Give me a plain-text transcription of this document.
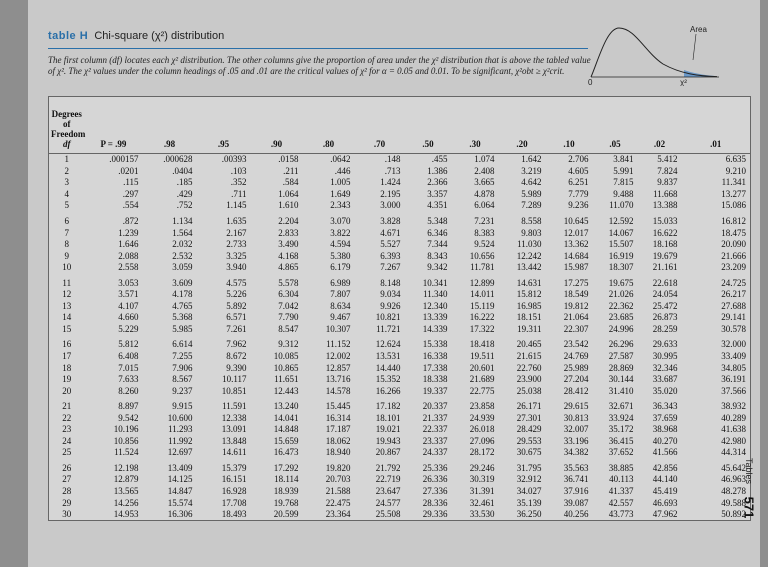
table H Chi-square (χ²) distribution
The first column (df) locates each χ² distribution. The other columns give the proportion of area under the χ² distribution that is above the tabled value of χ². The χ² values under the column headings of .05 and .01 are the critical values of χ² for α = 0.05 and 0.01. To be significant, χ²obt ≥ χ²crit.
Area
0	χ²
Degrees
of
Freedom
df	P = .99	.98	.95	.90	.80	.70	.50	.30	.20	.10	.05	.02	.01
1	.000157	.000628	.00393	.0158	.0642	.148	.455	1.074	1.642	2.706	3.841	5.412	6.635
2	.0201	.0404	.103	.211	.446	.713	1.386	2.408	3.219	4.605	5.991	7.824	9.210
3	.115	.185	.352	.584	1.005	1.424	2.366	3.665	4.642	6.251	7.815	9.837	11.341
4	.297	.429	.711	1.064	1.649	2.195	3.357	4.878	5.989	7.779	9.488	11.668	13.277
5	.554	.752	1.145	1.610	2.343	3.000	4.351	6.064	7.289	9.236	11.070	13.388	15.086
6	.872	1.134	1.635	2.204	3.070	3.828	5.348	7.231	8.558	10.645	12.592	15.033	16.812
7	1.239	1.564	2.167	2.833	3.822	4.671	6.346	8.383	9.803	12.017	14.067	16.622	18.475
8	1.646	2.032	2.733	3.490	4.594	5.527	7.344	9.524	11.030	13.362	15.507	18.168	20.090
9	2.088	2.532	3.325	4.168	5.380	6.393	8.343	10.656	12.242	14.684	16.919	19.679	21.666
10	2.558	3.059	3.940	4.865	6.179	7.267	9.342	11.781	13.442	15.987	18.307	21.161	23.209
11	3.053	3.609	4.575	5.578	6.989	8.148	10.341	12.899	14.631	17.275	19.675	22.618	24.725
12	3.571	4.178	5.226	6.304	7.807	9.034	11.340	14.011	15.812	18.549	21.026	24.054	26.217
13	4.107	4.765	5.892	7.042	8.634	9.926	12.340	15.119	16.985	19.812	22.362	25.472	27.688
14	4.660	5.368	6.571	7.790	9.467	10.821	13.339	16.222	18.151	21.064	23.685	26.873	29.141
15	5.229	5.985	7.261	8.547	10.307	11.721	14.339	17.322	19.311	22.307	24.996	28.259	30.578
16	5.812	6.614	7.962	9.312	11.152	12.624	15.338	18.418	20.465	23.542	26.296	29.633	32.000
17	6.408	7.255	8.672	10.085	12.002	13.531	16.338	19.511	21.615	24.769	27.587	30.995	33.409
18	7.015	7.906	9.390	10.865	12.857	14.440	17.338	20.601	22.760	25.989	28.869	32.346	34.805
19	7.633	8.567	10.117	11.651	13.716	15.352	18.338	21.689	23.900	27.204	30.144	33.687	36.191
20	8.260	9.237	10.851	12.443	14.578	16.266	19.337	22.775	25.038	28.412	31.410	35.020	37.566
21	8.897	9.915	11.591	13.240	15.445	17.182	20.337	23.858	26.171	29.615	32.671	36.343	38.932
22	9.542	10.600	12.338	14.041	16.314	18.101	21.337	24.939	27.301	30.813	33.924	37.659	40.289
23	10.196	11.293	13.091	14.848	17.187	19.021	22.337	26.018	28.429	32.007	35.172	38.968	41.638
24	10.856	11.992	13.848	15.659	18.062	19.943	23.337	27.096	29.553	33.196	36.415	40.270	42.980
25	11.524	12.697	14.611	16.473	18.940	20.867	24.337	28.172	30.675	34.382	37.652	41.566	44.314
26	12.198	13.409	15.379	17.292	19.820	21.792	25.336	29.246	31.795	35.563	38.885	42.856	45.642
27	12.879	14.125	16.151	18.114	20.703	22.719	26.336	30.319	32.912	36.741	40.113	44.140	46.963
28	13.565	14.847	16.928	18.939	21.588	23.647	27.336	31.391	34.027	37.916	41.337	45.419	48.278
29	14.256	15.574	17.708	19.768	22.475	24.577	28.336	32.461	35.139	39.087	42.557	46.693	49.588
30	14.953	16.306	18.493	20.599	23.364	25.508	29.336	33.530	36.250	40.256	43.773	47.962	50.892
Tables
571
